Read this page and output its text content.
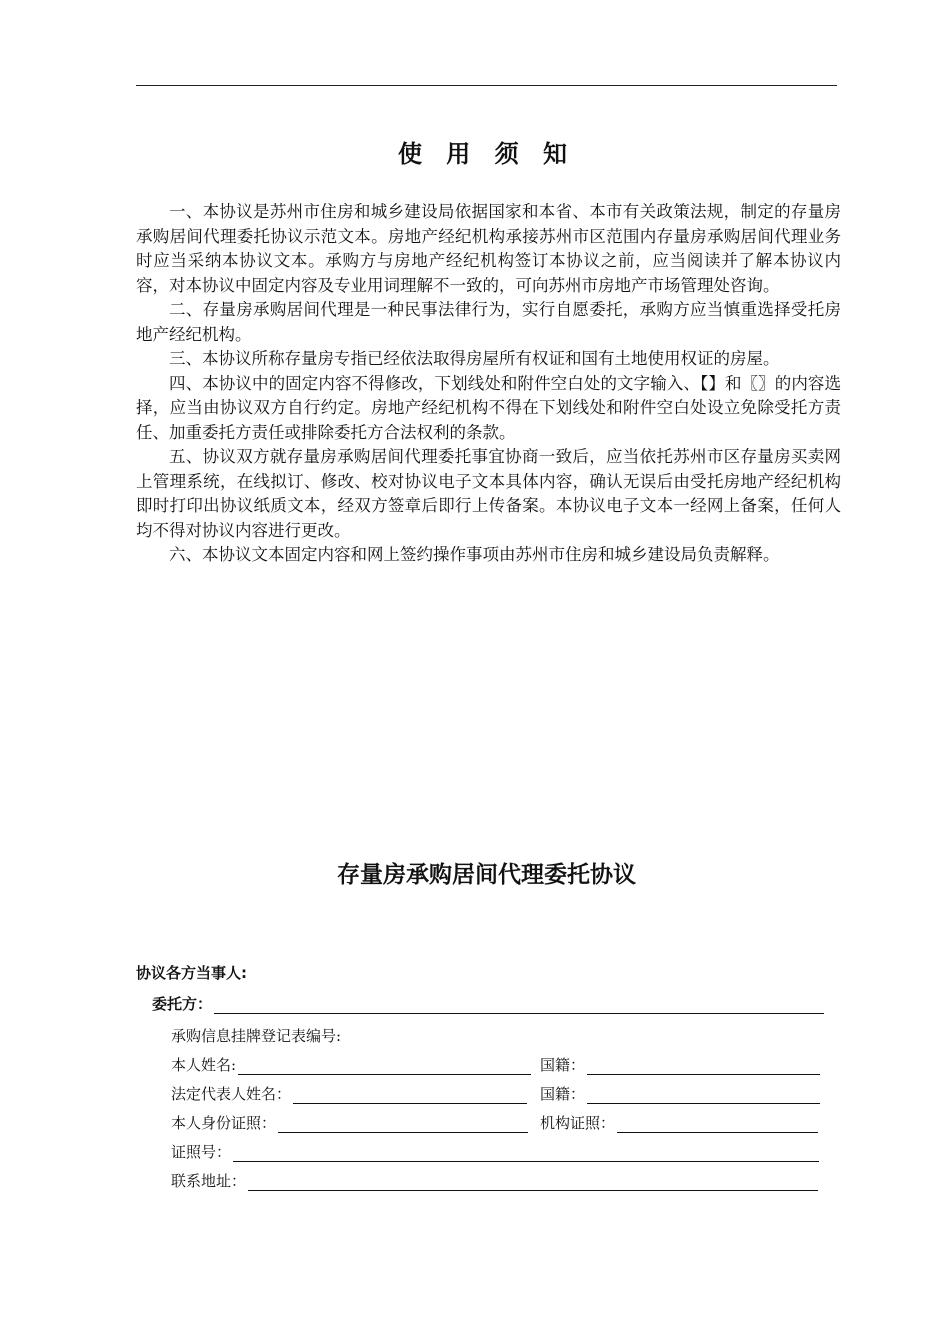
使 用 须 知

一、本协议是苏州市住房和城乡建设局依据国家和本省、本市有关政策法规，制定的存量房承购居间代理委托协议示范文本。房地产经纪机构承接苏州市区范围内存量房承购居间代理业务时应当采纳本协议文本。承购方与房地产经纪机构签订本协议之前，应当阅读并了解本协议内容，对本协议中固定内容及专业用词理解不一致的，可向苏州市房地产市场管理处咨询。

二、存量房承购居间代理是一种民事法律行为，实行自愿委托，承购方应当慎重选择受托房地产经纪机构。

三、本协议所称存量房专指已经依法取得房屋所有权证和国有土地使用权证的房屋。

四、本协议中的固定内容不得修改，下划线处和附件空白处的文字输入、【】和〖〗的内容选择，应当由协议双方自行约定。房地产经纪机构不得在下划线处和附件空白处设立免除受托方责任、加重委托方责任或排除委托方合法权利的条款。

五、协议双方就存量房承购居间代理委托事宜协商一致后，应当依托苏州市区存量房买卖网上管理系统，在线拟订、修改、校对协议电子文本具体内容，确认无误后由受托房地产经纪机构即时打印出协议纸质文本，经双方签章后即行上传备案。本协议电子文本一经网上备案，任何人均不得对协议内容进行更改。

六、本协议文本固定内容和网上签约操作事项由苏州市住房和城乡建设局负责解释。

存量房承购居间代理委托协议
协议各方当事人:
委托方：
承购信息挂牌登记表编号:
本人姓名:	国籍：
法定代表人姓名：	国籍：
本人身份证照：	机构证照：
证照号：
联系地址：
